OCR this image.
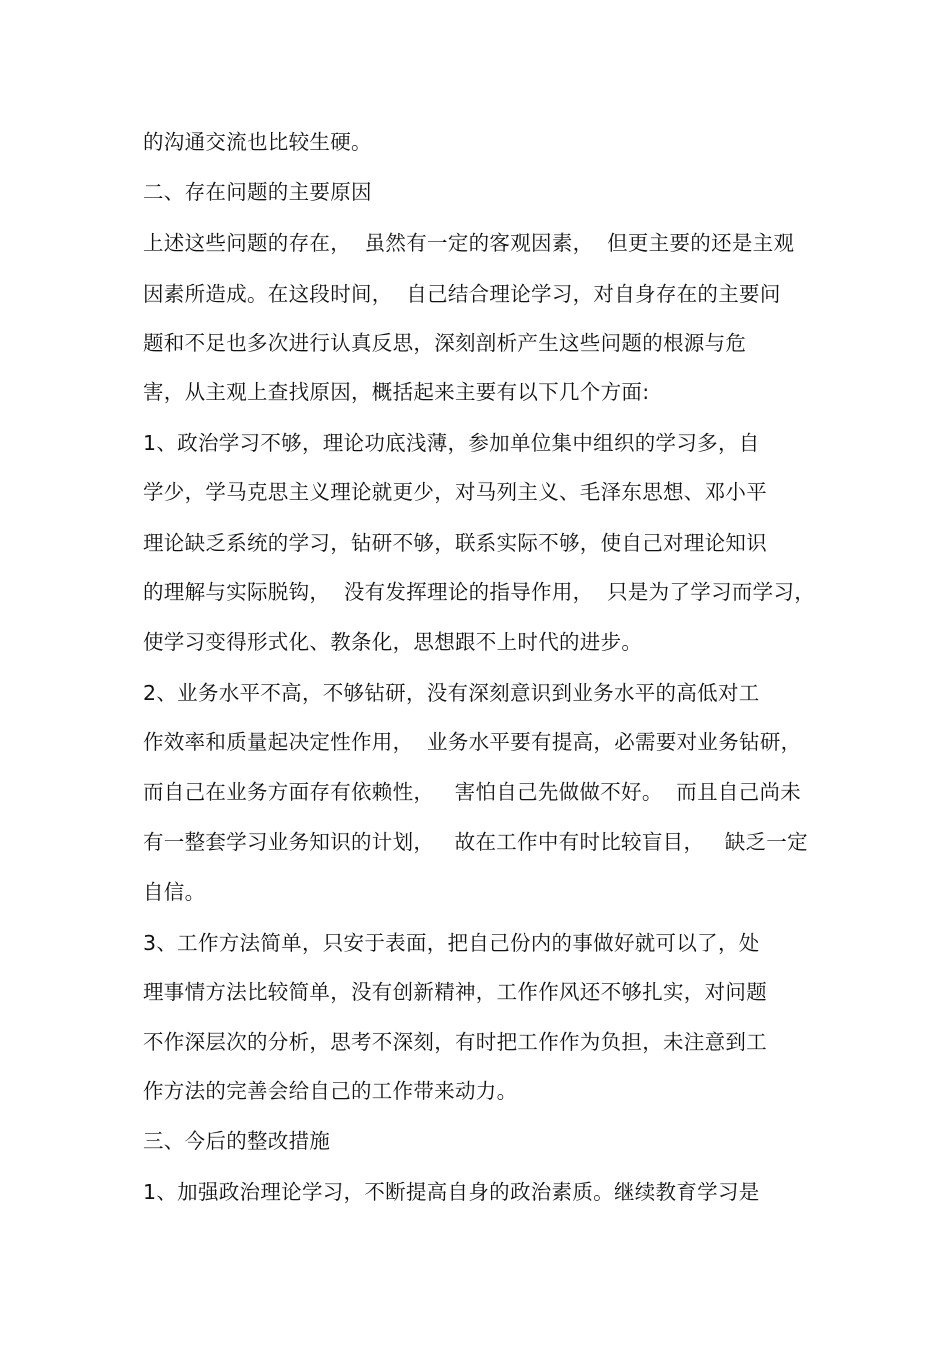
的沟通交流也比较生硬。
二、存在问题的主要原因
上述这些问题的存在，  虽然有一定的客观因素，  但更主要的还是主观
因素所造成。在这段时间，  自己结合理论学习，对自身存在的主要问
题和不足也多次进行认真反思，深刻剖析产生这些问题的根源与危
害，从主观上查找原因，概括起来主要有以下几个方面:
1、政治学习不够，理论功底浅薄，参加单位集中组织的学习多，自
学少，学马克思主义理论就更少，对马列主义、毛泽东思想、邓小平
理论缺乏系统的学习，钻研不够，联系实际不够，使自己对理论知识
的理解与实际脱钩，  没有发挥理论的指导作用，  只是为了学习而学习，
使学习变得形式化、教条化，思想跟不上时代的进步。
2、业务水平不高，不够钻研，没有深刻意识到业务水平的高低对工
作效率和质量起决定性作用，  业务水平要有提高，必需要对业务钻研，
而自己在业务方面存有依赖性，   害怕自己先做做不好。  而且自己尚未
有一整套学习业务知识的计划，   故在工作中有时比较盲目，   缺乏一定
自信。
3、工作方法简单，只安于表面，把自己份内的事做好就可以了，处
理事情方法比较简单，没有创新精神，工作作风还不够扎实，对问题
不作深层次的分析，思考不深刻，有时把工作作为负担，未注意到工
作方法的完善会给自己的工作带来动力。
三、今后的整改措施
1、加强政治理论学习，不断提高自身的政治素质。继续教育学习是
